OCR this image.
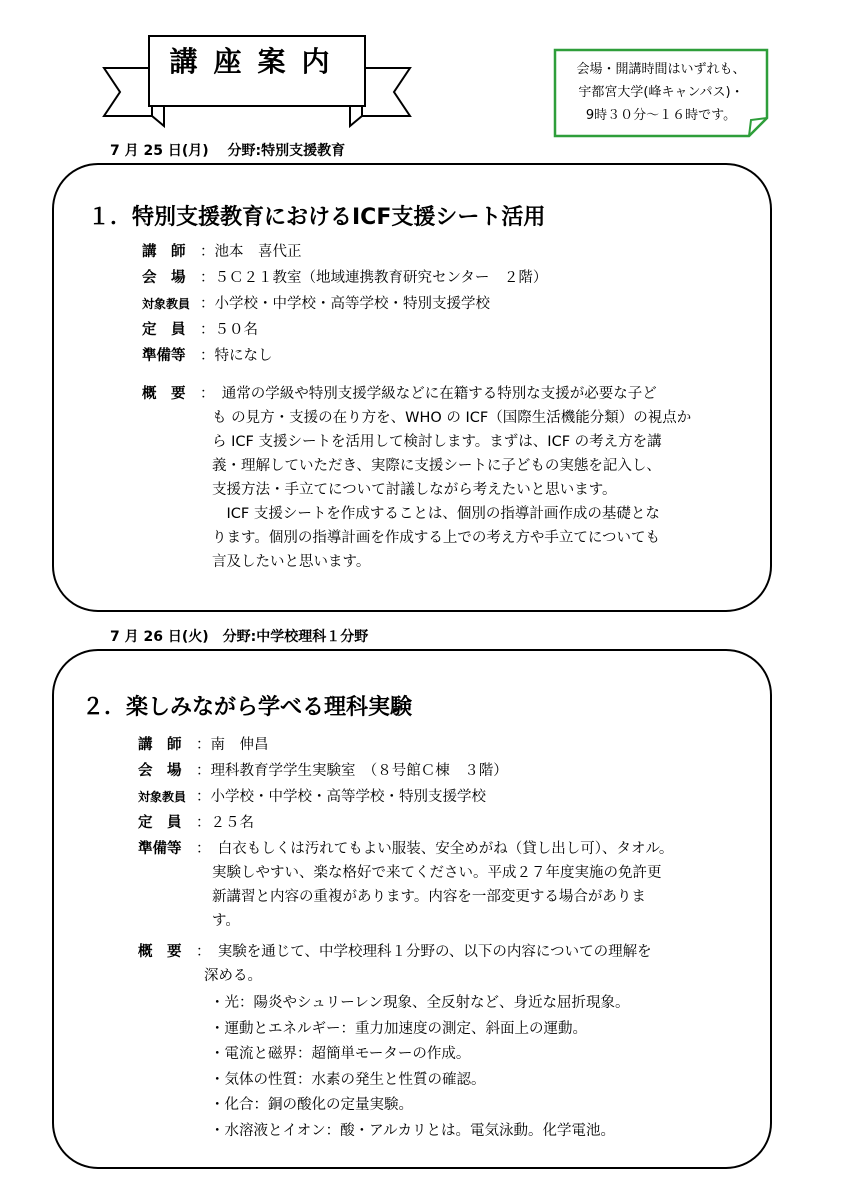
講座案内	会場・開講時間はいずれも、
宇都宮大学(峰キャンパス)・
9時３０分～１６時です。
7 月 25 日(月)　 分野:特別支援教育
１．特別支援教育におけるICF支援シート活用
講　師 ：池本　喜代正
会　場 ：５Ｃ２１教室（地域連携教育研究センター　２階）
対象教員 ：小学校・中学校・高等学校・特別支援学校
定　員 ：５０名
準備等 ：特になし
概　要 ：　通常の学級や特別支援学級などに在籍する特別な支援が必要な子ど
も の見方・支援の在り方を、WHO の ICF（国際生活機能分類）の視点か
ら ICF 支援シートを活用して検討します。まずは、ICF の考え方を講
義・理解していただき、実際に支援シートに子どもの実態を記入し、
支援方法・手立てについて討議しながら考えたいと思います。
　ICF 支援シートを作成することは、個別の指導計画作成の基礎とな
ります。個別の指導計画を作成する上での考え方や手立てについても
言及したいと思います。
7 月 26 日(火)　分野:中学校理科１分野
２．楽しみながら学べる理科実験
講　師 ：南　伸昌
会　場 ：理科教育学学生実験室　（８号館Ｃ棟　３階）
対象教員 ：小学校・中学校・高等学校・特別支援学校
定　員 ：２５名
準備等 ：　白衣もしくは汚れてもよい服装、安全めがね（貸し出し可）、タオル。
実験しやすい、楽な格好で来てください。平成２７年度実施の免許更
新講習と内容の重複があります。内容を一部変更する場合がありま
す。
概　要 ：　実験を通じて、中学校理科１分野の、以下の内容についての理解を
深める。
・光：陽炎やシュリーレン現象、全反射など、身近な屈折現象。
・運動とエネルギー：重力加速度の測定、斜面上の運動。
・電流と磁界：超簡単モーターの作成。
・気体の性質：水素の発生と性質の確認。
・化合：銅の酸化の定量実験。
・水溶液とイオン：酸・アルカリとは。電気泳動。化学電池。
